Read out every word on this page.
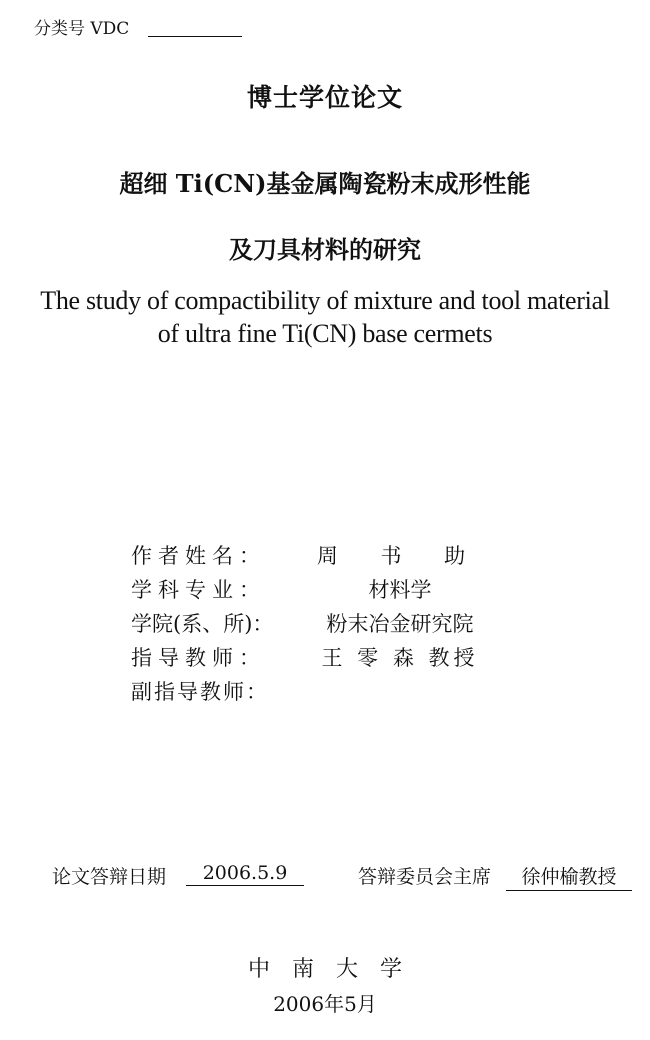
分类号 VDC
博士学位论文
超细 Ti(CN)基金属陶瓷粉末成形性能
及刀具材料的研究
The study of compactibility of mixture and tool material
of ultra fine Ti(CN) base cermets
作者姓名：	周 书 助
学科专业：	材料学
学院(系、所)：	粉末冶金研究院
指导教师：	王 零 森 教授
副指导教师：
论文答辩日期	2006.5.9	答辩委员会主席	徐仲榆教授
中南大学
2006年5月
